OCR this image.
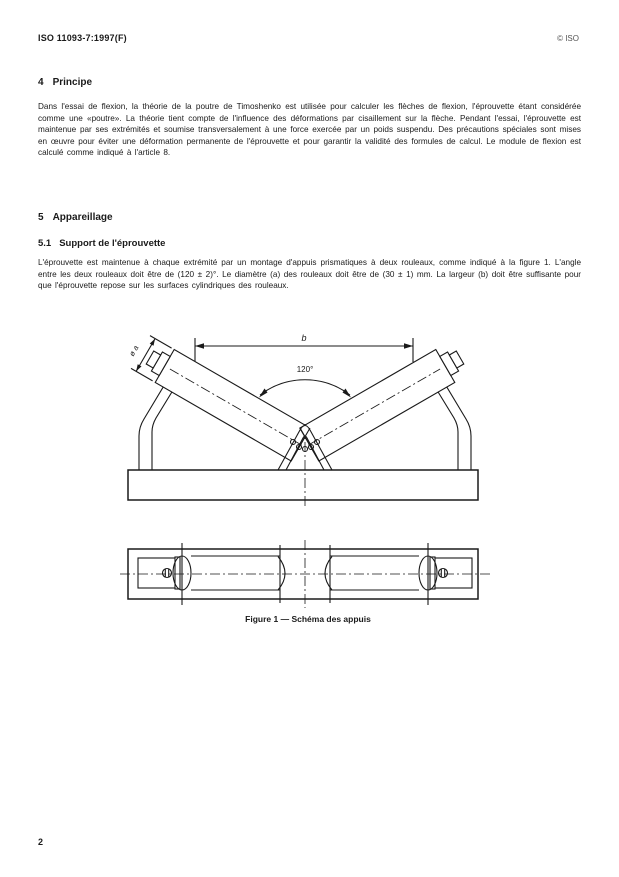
ISO 11093-7:1997(F)	© ISO
4 Principe
Dans l'essai de flexion, la théorie de la poutre de Timoshenko est utilisée pour calculer les flèches de flexion, l'éprouvette étant considérée comme une «poutre». La théorie tient compte de l'influence des déformations par cisaillement sur la flèche. Pendant l'essai, l'éprouvette est maintenue par ses extrémités et soumise transversalement à une force exercée par un poids suspendu. Des précautions spéciales sont mises en œuvre pour éviter une déformation permanente de l'éprouvette et pour garantir la validité des formules de calcul. Le module de flexion est calculé comme indiqué à l'article 8.
5 Appareillage
5.1 Support de l'éprouvette
L'éprouvette est maintenue à chaque extrémité par un montage d'appuis prismatiques à deux rouleaux, comme indiqué à la figure 1. L'angle entre les deux rouleaux doit être de (120 ± 2)°. Le diamètre (a) des rouleaux doit être de (30 ± 1) mm. La largeur (b) doit être suffisante pour que l'éprouvette repose sur les surfaces cylindriques des rouleaux.
b
ø a
120°
Figure 1 — Schéma des appuis
2
